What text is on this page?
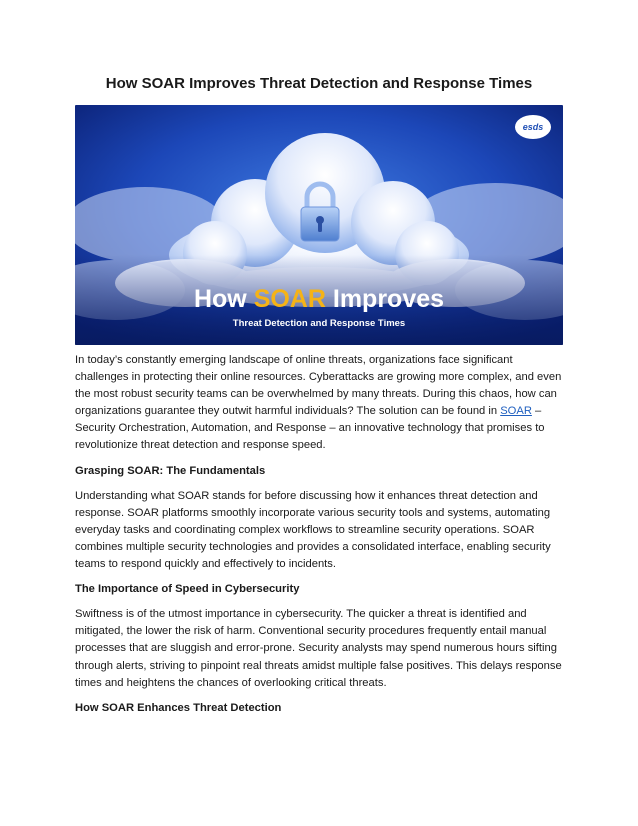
How SOAR Improves Threat Detection and Response Times
esds
How SOAR Improves
Threat Detection and Response Times

In today’s constantly emerging landscape of online threats, organizations face significant challenges in protecting their online resources. Cyberattacks are growing more complex, and even the most robust security teams can be overwhelmed by many threats. During this chaos, how can organizations guarantee they outwit harmful individuals? The solution can be found in SOAR – Security Orchestration, Automation, and Response – an innovative technology that promises to revolutionize threat detection and response speed.

Grasping SOAR: The Fundamentals

Understanding what SOAR stands for before discussing how it enhances threat detection and response. SOAR platforms smoothly incorporate various security tools and systems, automating everyday tasks and coordinating complex workflows to streamline security operations. SOAR combines multiple security technologies and provides a consolidated interface, enabling security teams to respond quickly and effectively to incidents.

The Importance of Speed in Cybersecurity

Swiftness is of the utmost importance in cybersecurity. The quicker a threat is identified and mitigated, the lower the risk of harm. Conventional security procedures frequently entail manual processes that are sluggish and error-prone. Security analysts may spend numerous hours sifting through alerts, striving to pinpoint real threats amidst multiple false positives. This delays response times and heightens the chances of overlooking critical threats.

How SOAR Enhances Threat Detection
